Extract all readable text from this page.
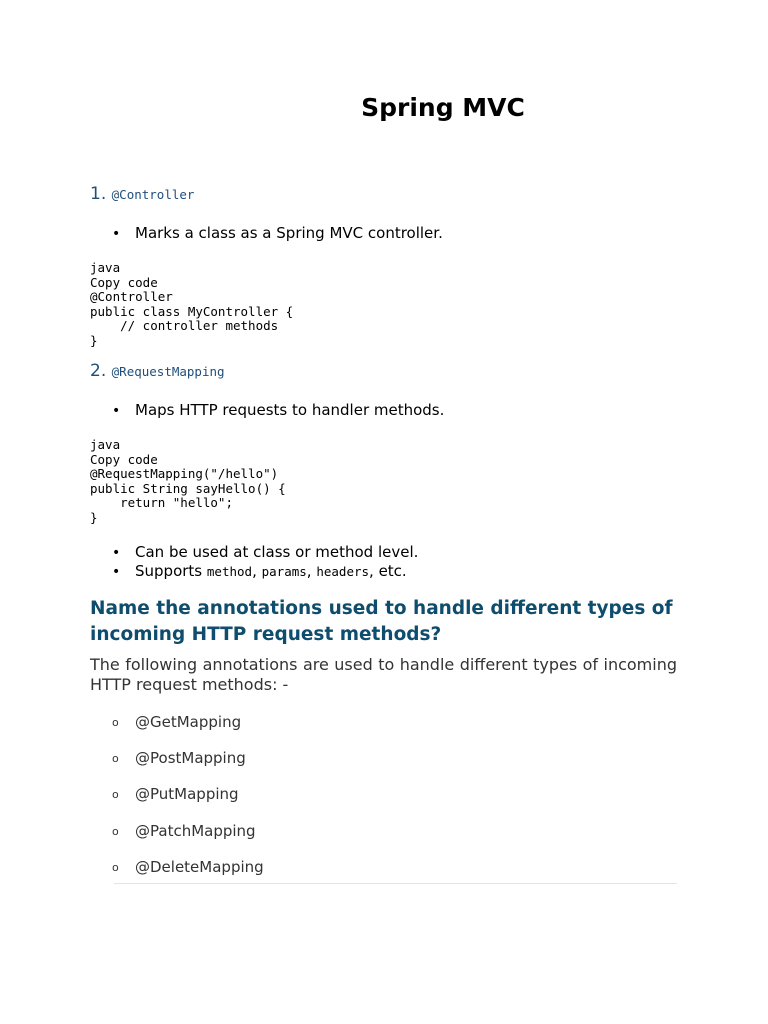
Spring MVC
1. @Controller
• Marks a class as a Spring MVC controller.
java
Copy code
@Controller
public class MyController {
// controller methods
}
2. @RequestMapping
• Maps HTTP requests to handler methods.
java
Copy code
@RequestMapping("/hello")
public String sayHello() {
return "hello";
}
• Can be used at class or method level.
• Supports method, params, headers, etc.
Name the annotations used to handle different types of incoming HTTP request methods?
The following annotations are used to handle different types of incoming HTTP request methods: -
o @GetMapping
o @PostMapping
o @PutMapping
o @PatchMapping
o @DeleteMapping
